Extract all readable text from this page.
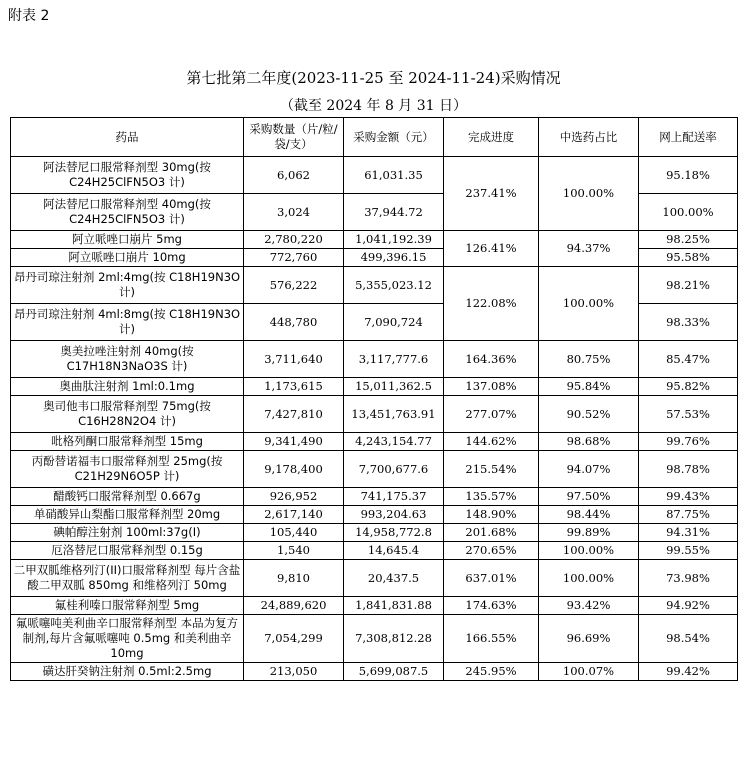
附表 2
第七批第二年度(2023-11-25 至 2024-11-24)采购情况
（截至 2024 年 8 月 31 日）
药品	采购数量（片/粒/袋/支）	采购金额（元）	完成进度	中选药占比	网上配送率
阿法替尼口服常释剂型 30mg(按C24H25ClFN5O3 计)	6,062	61,031.35	237.41%	100.00%	95.18%
阿法替尼口服常释剂型 40mg(按C24H25ClFN5O3 计)	3,024	37,944.72			100.00%
阿立哌唑口崩片 5mg	2,780,220	1,041,192.39	126.41%	94.37%	98.25%
阿立哌唑口崩片 10mg	772,760	499,396.15			95.58%
昂丹司琼注射剂 2ml:4mg(按 C18H19N3O 计)	576,222	5,355,023.12	122.08%	100.00%	98.21%
昂丹司琼注射剂 4ml:8mg(按 C18H19N3O 计)	448,780	7,090,724			98.33%
奥美拉唑注射剂 40mg(按C17H18N3NaO3S 计)	3,711,640	3,117,777.6	164.36%	80.75%	85.47%
奥曲肽注射剂 1ml:0.1mg	1,173,615	15,011,362.5	137.08%	95.84%	95.82%
奥司他韦口服常释剂型 75mg(按C16H28N2O4 计)	7,427,810	13,451,763.91	277.07%	90.52%	57.53%
吡格列酮口服常释剂型 15mg	9,341,490	4,243,154.77	144.62%	98.68%	99.76%
丙酚替诺福韦口服常释剂型 25mg(按C21H29N6O5P 计)	9,178,400	7,700,677.6	215.54%	94.07%	98.78%
醋酸钙口服常释剂型 0.667g	926,952	741,175.37	135.57%	97.50%	99.43%
单硝酸异山梨酯口服常释剂型 20mg	2,617,140	993,204.63	148.90%	98.44%	87.75%
碘帕醇注射剂 100ml:37g(I)	105,440	14,958,772.8	201.68%	99.89%	94.31%
厄洛替尼口服常释剂型 0.15g	1,540	14,645.4	270.65%	100.00%	99.55%
二甲双胍维格列汀(II)口服常释剂型 每片含盐酸二甲双胍 850mg 和维格列汀 50mg	9,810	20,437.5	637.01%	100.00%	73.98%
氟桂利嗪口服常释剂型 5mg	24,889,620	1,841,831.88	174.63%	93.42%	94.92%
氟哌噻吨美利曲辛口服常释剂型 本品为复方制剂,每片含氟哌噻吨 0.5mg 和美利曲辛 10mg	7,054,299	7,308,812.28	166.55%	96.69%	98.54%
磺达肝癸钠注射剂 0.5ml:2.5mg	213,050	5,699,087.5	245.95%	100.07%	99.42%
